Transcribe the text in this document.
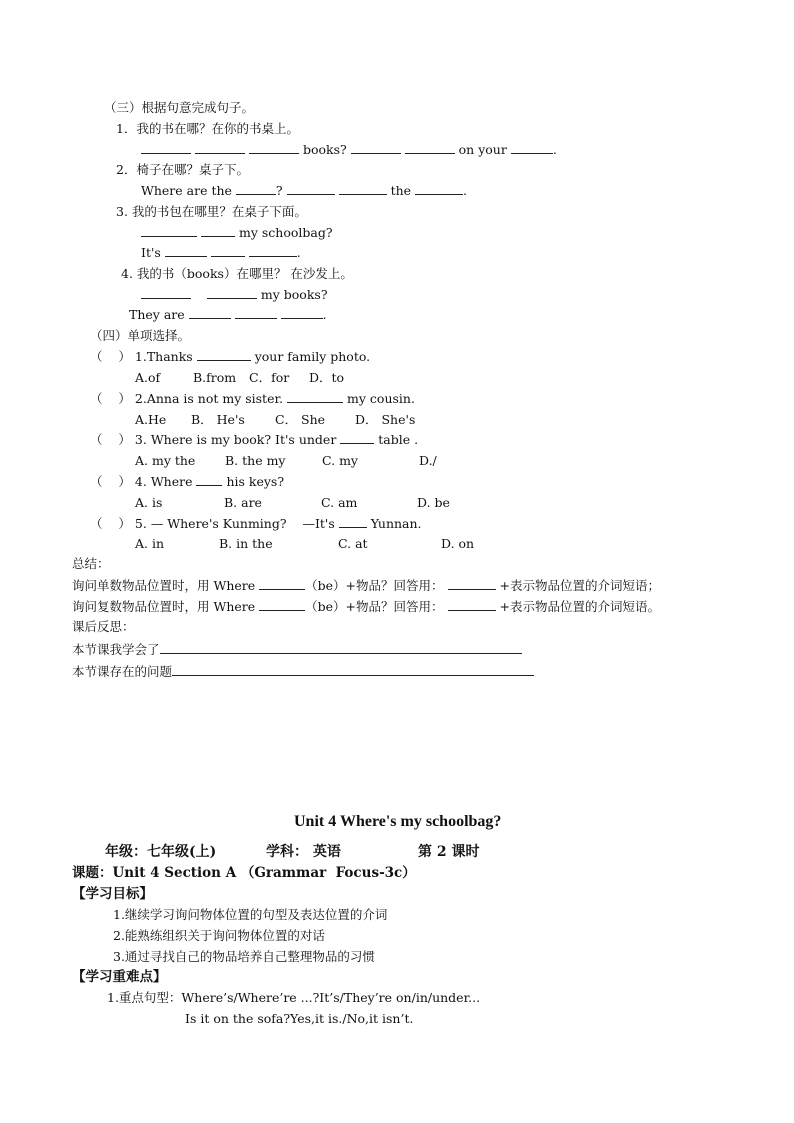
（三）根据句意完成句子。
1．我的书在哪？在你的书桌上。
books?	on your	.
2．椅子在哪？桌子下。
Where are the	?	the	.
3. 我的书包在哪里？在桌子下面。
my schoolbag?
It's	.
4. 我的书（books）在哪里？ 在沙发上。
my books?
They are	.
（四）单项选择。
（    ） 1.Thanks	your family photo.
A.of	B.from C．for D．to
（    ） 2.Anna is not my sister.	my cousin.
A.He B． He's C． She D． She's
（    ） 3. Where is my book? It's under	table .
A. my the B. the my	C. my	D./
（    ） 4. Where	his keys?
A. is	B. are	C. am	D. be
（    ） 5. — Where's Kunming?    —It's	Yunnan.
A. in	B. in the	C. at	D. on
总结：
询问单数物品位置时，用 Where	（be）+物品？回答用：	+表示物品位置的介词短语；
询问复数物品位置时，用 Where	（be）+物品？回答用：	+表示物品位置的介词短语。
课后反思：
本节课我学会了
本节课存在的问题
Unit 4 Where's my schoolbag?
年级：七年级(上)	学科： 英语	第 2 课时
课题：Unit 4 Section A （Grammar  Focus-3c）
【学习目标】
1.继续学习询问物体位置的句型及表达位置的介词
2.能熟练组织关于询问物体位置的对话
3.通过寻找自己的物品培养自己整理物品的习惯
【学习重难点】
1.重点句型：Where’s/Where’re ...?It’s/They’re on/in/under...
Is it on the sofa?Yes,it is./No,it isn’t.
